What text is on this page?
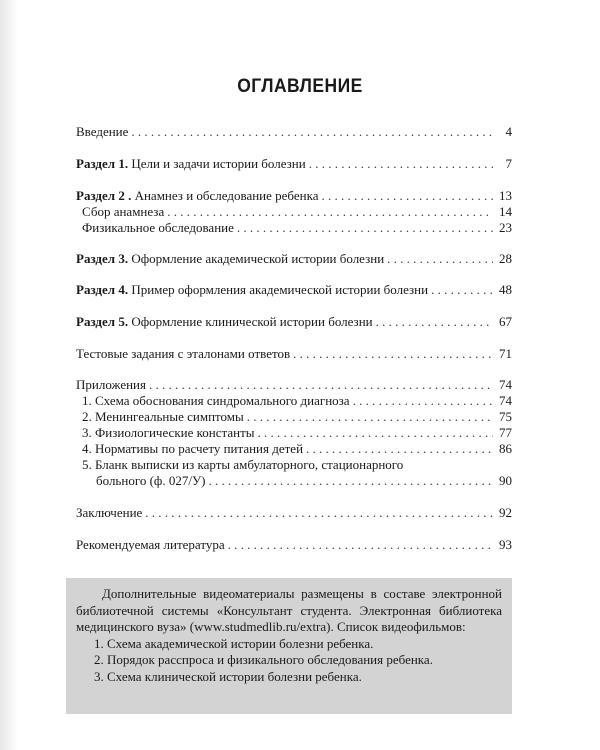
ОГЛАВЛЕНИЕ
Введение . . .	4
Раздел 1. Цели и задачи истории болезни . . .	7
Раздел 2 . Анамнез и обследование ребенка . . .	13
Сбор анамнеза . . .	14
Физикальное обследование . . .	23
Раздел 3. Оформление академической истории болезни . . .	28
Раздел 4. Пример оформления академической истории болезни . . .	48
Раздел 5. Оформление клинической истории болезни . . .	67
Тестовые задания с эталонами ответов . . .	71
Приложения . . .	74
1. Схема обоснования синдромального диагноза . . .	74
2. Менингеальные симптомы . . .	75
3. Физиологические константы . . .	77
4. Нормативы по расчету питания детей . . .	86
5. Бланк выписки из карты амбулаторного, стационарного
больного (ф. 027/У) . . .	90
Заключение . . .	92
Рекомендуемая литература . . .	93

Дополнительные видеоматериалы размещены в составе электронной библиотечной системы «Консультант студента. Электронная библиотека медицинского вуза» (www.studmedlib.ru/extra). Список видеофильмов:

1. Схема академической истории болезни ребенка.
2. Порядок расспроса и физикального обследования ребенка.
3. Схема клинической истории болезни ребенка.
